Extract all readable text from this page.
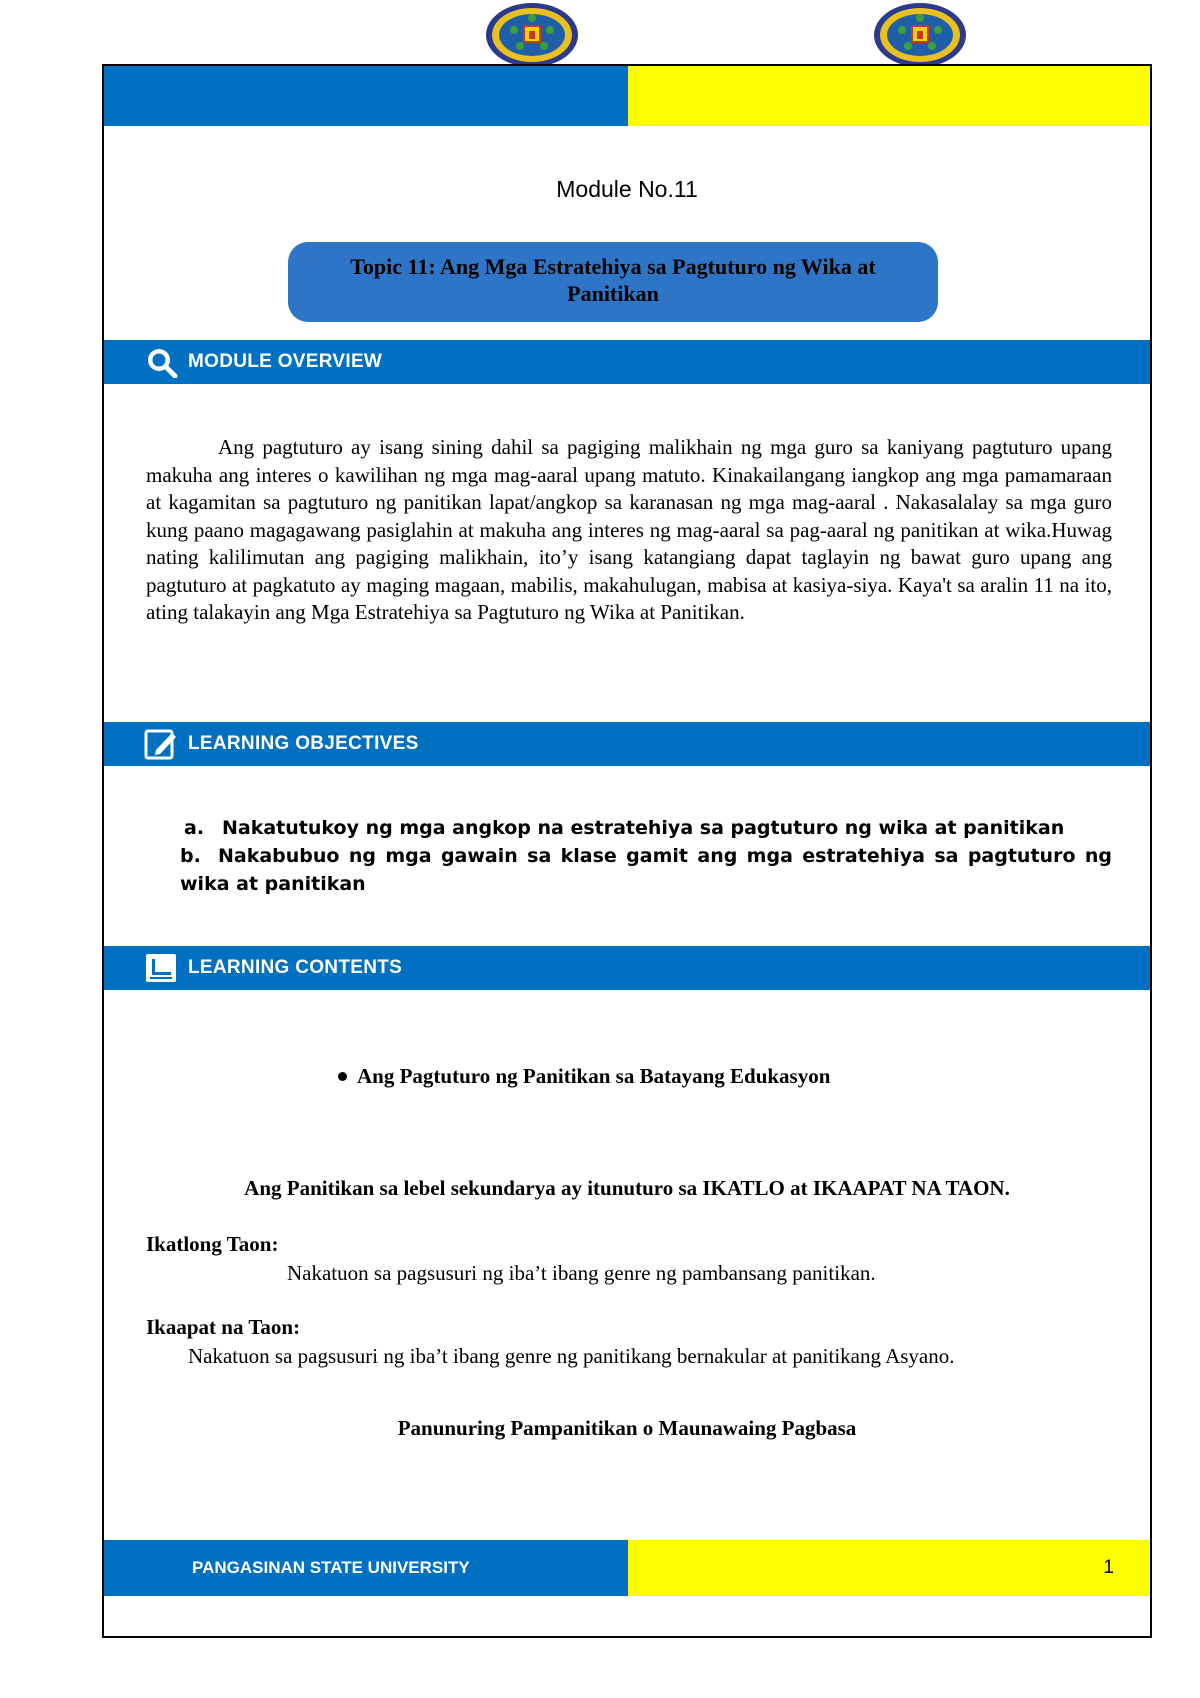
Module No.11
Topic 11: Ang Mga Estratehiya sa Pagtuturo ng Wika at Panitikan
MODULE OVERVIEW

Ang pagtuturo ay isang sining dahil sa pagiging malikhain ng mga guro sa kaniyang pagtuturo upang makuha ang interes o kawilihan ng mga mag-aaral upang matuto. Kinakailangang iangkop ang mga pamamaraan at kagamitan sa pagtuturo ng panitikan lapat/angkop sa karanasan ng mga mag-aaral . Nakasalalay sa mga guro kung paano magagawang pasiglahin at makuha ang interes ng mag-aaral sa pag-aaral ng panitikan at wika.Huwag nating kalilimutan ang pagiging malikhain, ito’y isang katangiang dapat taglayin ng bawat guro upang ang pagtuturo at pagkatuto ay maging magaan, mabilis, makahulugan, mabisa at kasiya-siya. Kaya't sa aralin 11 na ito, ating talakayin ang Mga Estratehiya sa Pagtuturo ng Wika at Panitikan.

LEARNING OBJECTIVES
a. Nakatutukoy ng mga angkop na estratehiya sa pagtuturo ng wika at panitikan
b. Nakabubuo ng mga gawain sa klase gamit ang mga estratehiya sa pagtuturo ng wika at panitikan
LEARNING CONTENTS
Ang Pagtuturo ng Panitikan sa Batayang Edukasyon
Ang Panitikan sa lebel sekundarya ay itunuturo sa IKATLO at IKAAPAT NA TAON.
Ikatlong Taon:
Nakatuon sa pagsusuri ng iba’t ibang genre ng pambansang panitikan.
Ikaapat na Taon:
Nakatuon sa pagsusuri ng iba’t ibang genre ng panitikang bernakular at panitikang Asyano.
Panunuring Pampanitikan o Maunawaing Pagbasa
PANGASINAN STATE UNIVERSITY	1
